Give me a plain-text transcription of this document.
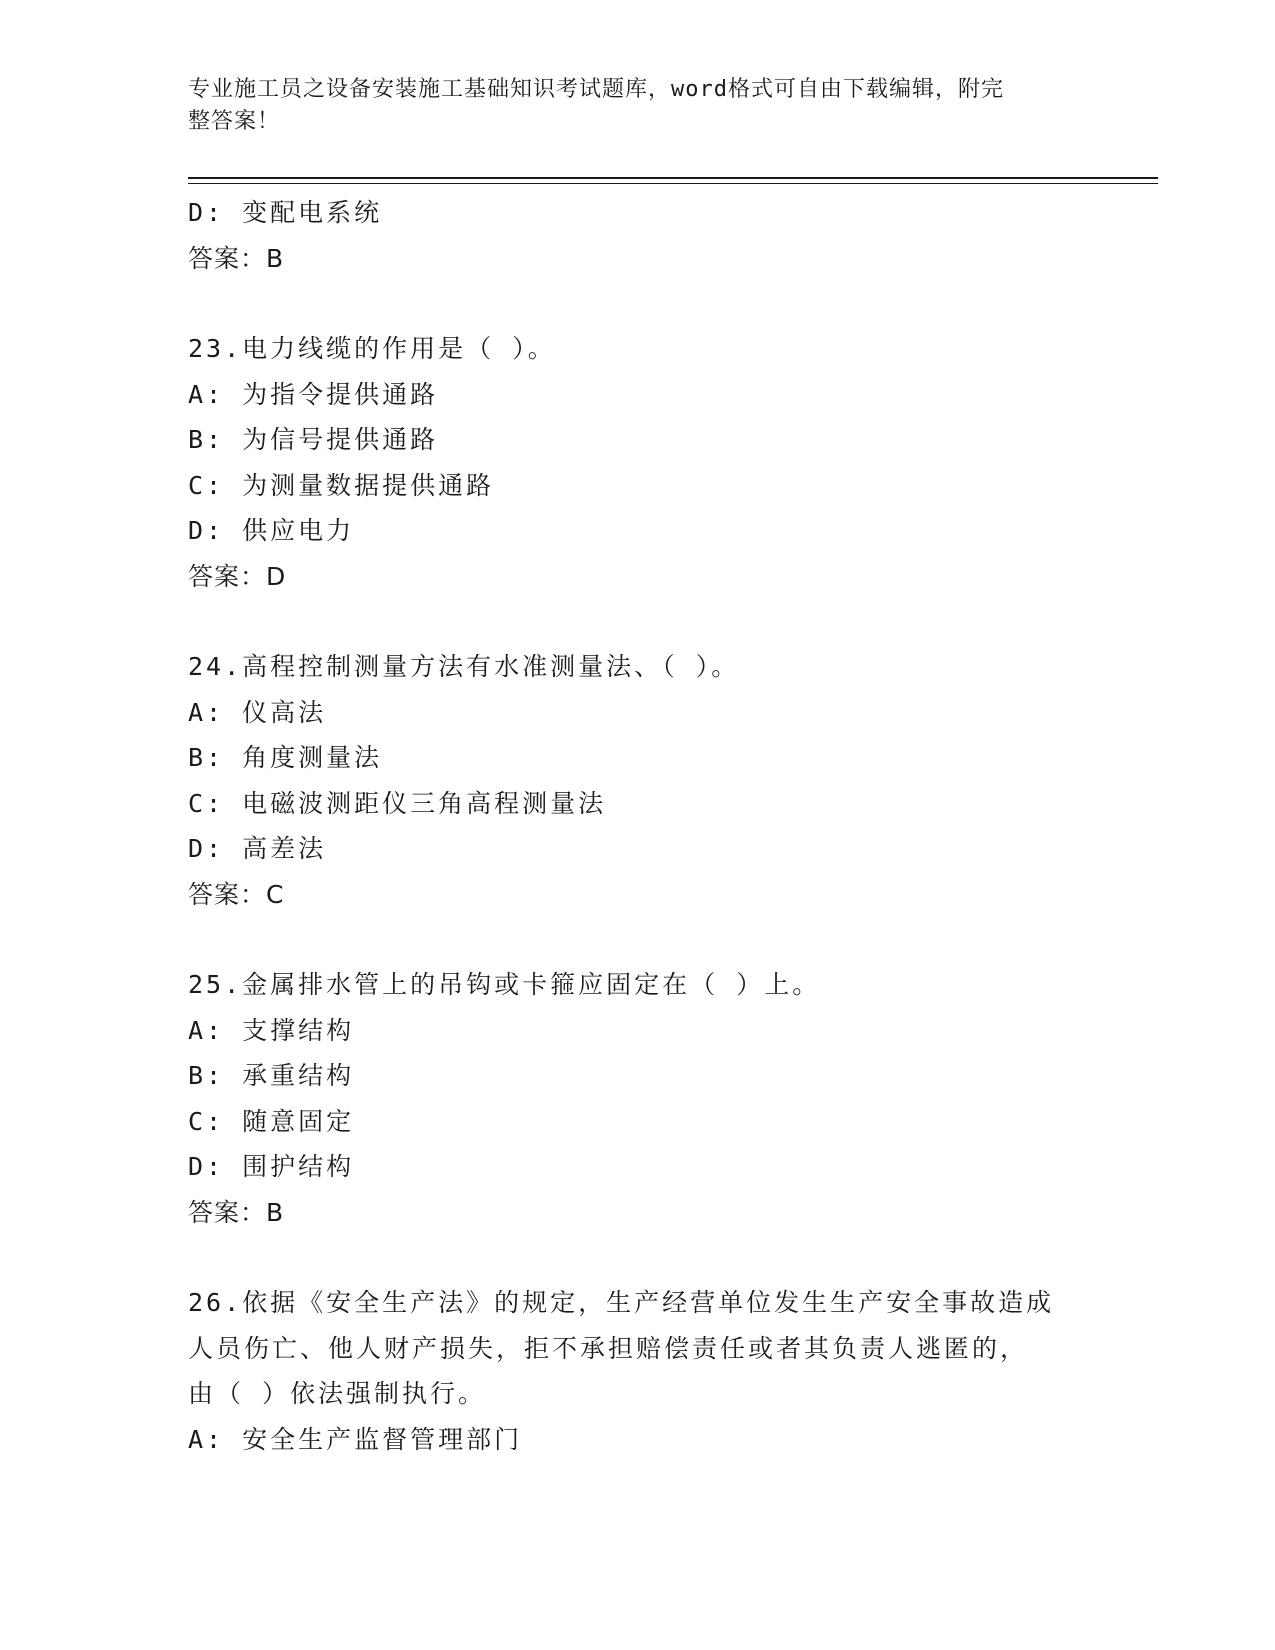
专业施工员之设备安装施工基础知识考试题库，word格式可自由下载编辑，附完
整答案！
D: 变配电系统
答案：B
23.电力线缆的作用是（ ）。
A: 为指令提供通路
B: 为信号提供通路
C: 为测量数据提供通路
D: 供应电力
答案：D
24.高程控制测量方法有水准测量法、（ ）。
A: 仪高法
B: 角度测量法
C: 电磁波测距仪三角高程测量法
D: 高差法
答案：C
25.金属排水管上的吊钩或卡箍应固定在（ ）上。
A: 支撑结构
B: 承重结构
C: 随意固定
D: 围护结构
答案：B
26.依据《安全生产法》的规定，生产经营单位发生生产安全事故造成
人员伤亡、他人财产损失，拒不承担赔偿责任或者其负责人逃匿的，
由（ ）依法强制执行。
A: 安全生产监督管理部门
